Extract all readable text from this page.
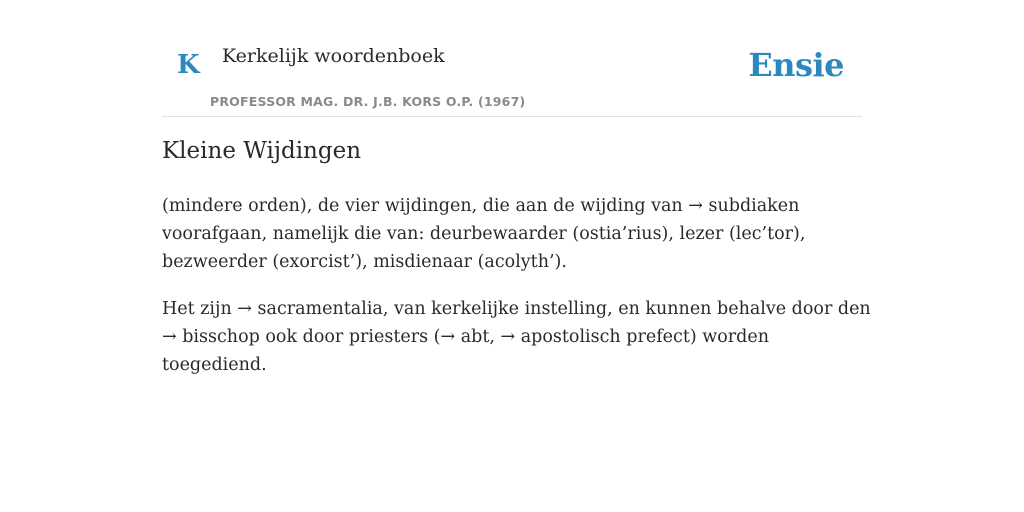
K Kerkelijk woordenboek
PROFESSOR MAG. DR. J.B. KORS O.P. (1967)
Ensie
Kleine Wijdingen

(mindere orden), de vier wijdingen, die aan de wijding van → subdiaken voorafgaan, namelijk die van: deurbewaarder (ostia’rius), lezer (lec’tor), bezweerder (exorcist’), misdienaar (acolyth’).

Het zijn → sacramentalia, van kerkelijke instelling, en kunnen behalve door den → bisschop ook door priesters (→ abt, → apostolisch prefect) worden toegediend.
